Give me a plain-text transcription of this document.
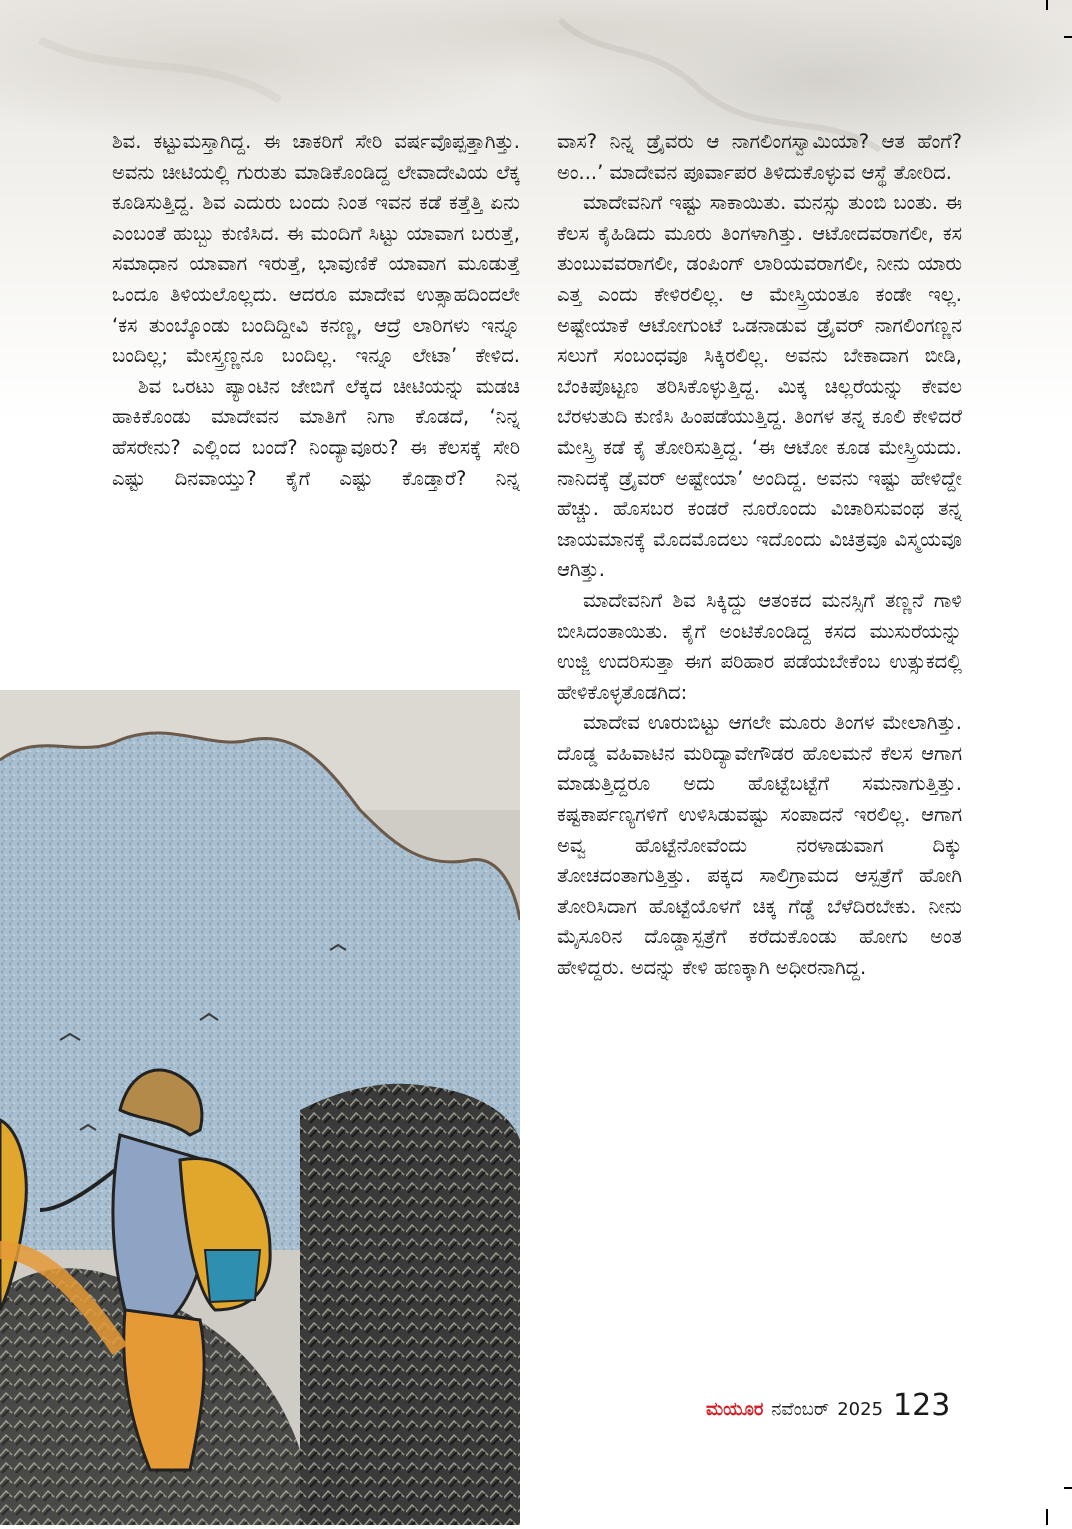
ಶಿವ. ಕಟ್ಟುಮಸ್ತಾಗಿದ್ದ. ಈ ಚಾಕರಿಗೆ ಸೇರಿ ವರ್ಷವೊಪ್ಪತ್ತಾಗಿತ್ತು. ಅವನು ಚೀಟಿಯಲ್ಲಿ ಗುರುತು ಮಾಡಿಕೊಂಡಿದ್ದ ಲೇವಾದೇವಿಯ ಲೆಕ್ಕ ಕೂಡಿಸುತ್ತಿದ್ದ. ಶಿವ ಎದುರು ಬಂದು ನಿಂತ ಇವನ ಕಡೆ ಕತ್ತೆತ್ತಿ ಏನು ಎಂಬಂತೆ ಹುಬ್ಬು ಕುಣಿಸಿದ. ಈ ಮಂದಿಗೆ ಸಿಟ್ಟು ಯಾವಾಗ ಬರುತ್ತೆ, ಸಮಾಧಾನ ಯಾವಾಗ ಇರುತ್ತೆ, ಭಾವುಣಿಕೆ ಯಾವಾಗ ಮೂಡುತ್ತೆ ಒಂದೂ ತಿಳಿಯಲೊಲ್ಲದು. ಆದರೂ ಮಾದೇವ ಉತ್ಸಾಹದಿಂದಲೇ ‘ಕಸ ತುಂಬ್ಕೊಂಡು ಬಂದಿದ್ದೀವಿ ಕನಣ್ಣ, ಆದ್ರೆ ಲಾರಿಗಳು ಇನ್ನೂ ಬಂದಿಲ್ಲ; ಮೇಸ್ತ್ರಣ್ಣನೂ ಬಂದಿಲ್ಲ. ಇನ್ನೂ ಲೇಟಾ’ ಕೇಳಿದ.

ಶಿವ ಒರಟು ಪ್ಯಾಂಟಿನ ಜೇಬಿಗೆ ಲೆಕ್ಕದ ಚೀಟಿಯನ್ನು ಮಡಚಿ ಹಾಕಿಕೊಂಡು ಮಾದೇವನ ಮಾತಿಗೆ ನಿಗಾ ಕೊಡದೆ, ‘ನಿನ್ನ ಹೆಸರೇನು? ಎಲ್ಲಿಂದ ಬಂದೆ? ನಿಂದ್ಯಾವೂರು? ಈ ಕೆಲಸಕ್ಕೆ ಸೇರಿ ಎಷ್ಟು ದಿನವಾಯ್ತು? ಕೈಗೆ ಎಷ್ಟು ಕೊಡ್ತಾರೆ? ನಿನ್ನ

ವಾಸ? ನಿನ್ನ ಡ್ರೈವರು ಆ ನಾಗಲಿಂಗಸ್ವಾಮಿಯಾ? ಆತ ಹೆಂಗೆ? ಅಂ...’ ಮಾದೇವನ ಪೂರ್ವಾಪರ ತಿಳಿದುಕೊಳ್ಳುವ ಆಸ್ಥೆ ತೋರಿದ.

ಮಾದೇವನಿಗೆ ಇಷ್ಟು ಸಾಕಾಯಿತು. ಮನಸ್ಸು ತುಂಬಿ ಬಂತು. ಈ ಕೆಲಸ ಕೈಹಿಡಿದು ಮೂರು ತಿಂಗಳಾಗಿತ್ತು. ಆಟೋದವರಾಗಲೀ, ಕಸ ತುಂಬುವವರಾಗಲೀ, ಡಂಪಿಂಗ್ ಲಾರಿಯವರಾಗಲೀ, ನೀನು ಯಾರು ಎತ್ತ ಎಂದು ಕೇಳಿರಲಿಲ್ಲ. ಆ ಮೇಸ್ತ್ರಿಯಂತೂ ಕಂಡೇ ಇಲ್ಲ. ಅಷ್ಟೇಯಾಕೆ ಆಟೋಗುಂಟೆ ಒಡನಾಡುವ ಡ್ರೈವರ್ ನಾಗಲಿಂಗಣ್ಣನ ಸಲುಗೆ ಸಂಬಂಧವೂ ಸಿಕ್ಕಿರಲಿಲ್ಲ. ಅವನು ಬೇಕಾದಾಗ ಬೀಡಿ, ಬೆಂಕಿಪೊಟ್ಟಣ ತರಿಸಿಕೊಳ್ಳುತ್ತಿದ್ದ. ಮಿಕ್ಕ ಚಿಲ್ಲರೆಯನ್ನು ಕೇವಲ ಬೆರಳುತುದಿ ಕುಣಿಸಿ ಹಿಂಪಡೆಯುತ್ತಿದ್ದ. ತಿಂಗಳ ತನ್ನ ಕೂಲಿ ಕೇಳಿದರೆ ಮೇಸ್ತ್ರಿ ಕಡೆ ಕೈ ತೋರಿಸುತ್ತಿದ್ದ. ‘ಈ ಆಟೋ ಕೂಡ ಮೇಸ್ತ್ರಿಯದು. ನಾನಿದಕ್ಕೆ ಡ್ರೈವರ್ ಅಷ್ಟೇಯಾ’ ಅಂದಿದ್ದ. ಅವನು ಇಷ್ಟು ಹೇಳಿದ್ದೇ ಹೆಚ್ಚು. ಹೊಸಬರ ಕಂಡರೆ ನೂರೊಂದು ವಿಚಾರಿಸುವಂಥ ತನ್ನ ಜಾಯಮಾನಕ್ಕೆ ಮೊದಮೊದಲು ಇದೊಂದು ವಿಚಿತ್ರವೂ ವಿಸ್ಮಯವೂ ಆಗಿತ್ತು.

ಮಾದೇವನಿಗೆ ಶಿವ ಸಿಕ್ಕಿದ್ದು ಆತಂಕದ ಮನಸ್ಸಿಗೆ ತಣ್ಣನೆ ಗಾಳಿ ಬೀಸಿದಂತಾಯಿತು. ಕೈಗೆ ಅಂಟಿಕೊಂಡಿದ್ದ ಕಸದ ಮುಸುರೆಯನ್ನು ಉಜ್ಜಿ ಉದರಿಸುತ್ತಾ ಈಗ ಪರಿಹಾರ ಪಡೆಯಬೇಕೆಂಬ ಉತ್ಸುಕದಲ್ಲಿ ಹೇಳಿಕೊಳ್ಳತೊಡಗಿದ:

ಮಾದೇವ ಊರುಬಿಟ್ಟು ಆಗಲೇ ಮೂರು ತಿಂಗಳ ಮೇಲಾಗಿತ್ತು. ದೊಡ್ಡ ವಹಿವಾಟಿನ ಮರಿದ್ಯಾವೇಗೌಡರ ಹೊಲಮನೆ ಕೆಲಸ ಆಗಾಗ ಮಾಡುತ್ತಿದ್ದರೂ ಅದು ಹೊಟ್ಟೆಬಟ್ಟೆಗೆ ಸಮನಾಗುತ್ತಿತ್ತು. ಕಷ್ಟಕಾರ್ಪಣ್ಯಗಳಿಗೆ ಉಳಿಸಿಡುವಷ್ಟು ಸಂಪಾದನೆ ಇರಲಿಲ್ಲ. ಆಗಾಗ ಅವ್ವ ಹೊಟ್ಟೆನೋವೆಂದು ನರಳಾಡುವಾಗ ದಿಕ್ಕು ತೋಚದಂತಾಗುತ್ತಿತ್ತು. ಪಕ್ಕದ ಸಾಲಿಗ್ರಾಮದ ಆಸ್ಪತ್ರೆಗೆ ಹೋಗಿ ತೋರಿಸಿದಾಗ ಹೊಟ್ಟೆಯೊಳಗೆ ಚಿಕ್ಕ ಗೆಡ್ಡೆ ಬೆಳೆದಿರಬೇಕು. ನೀನು ಮೈಸೂರಿನ ದೊಡ್ಡಾಸ್ಪತ್ರೆಗೆ ಕರೆದುಕೊಂಡು ಹೋಗು ಅಂತ ಹೇಳಿದ್ದರು. ಅದನ್ನು ಕೇಳಿ ಹಣಕ್ಕಾಗಿ ಅಧೀರನಾಗಿದ್ದ.

ಮಯೂರ ನವೆಂಬರ್ 2025 123
